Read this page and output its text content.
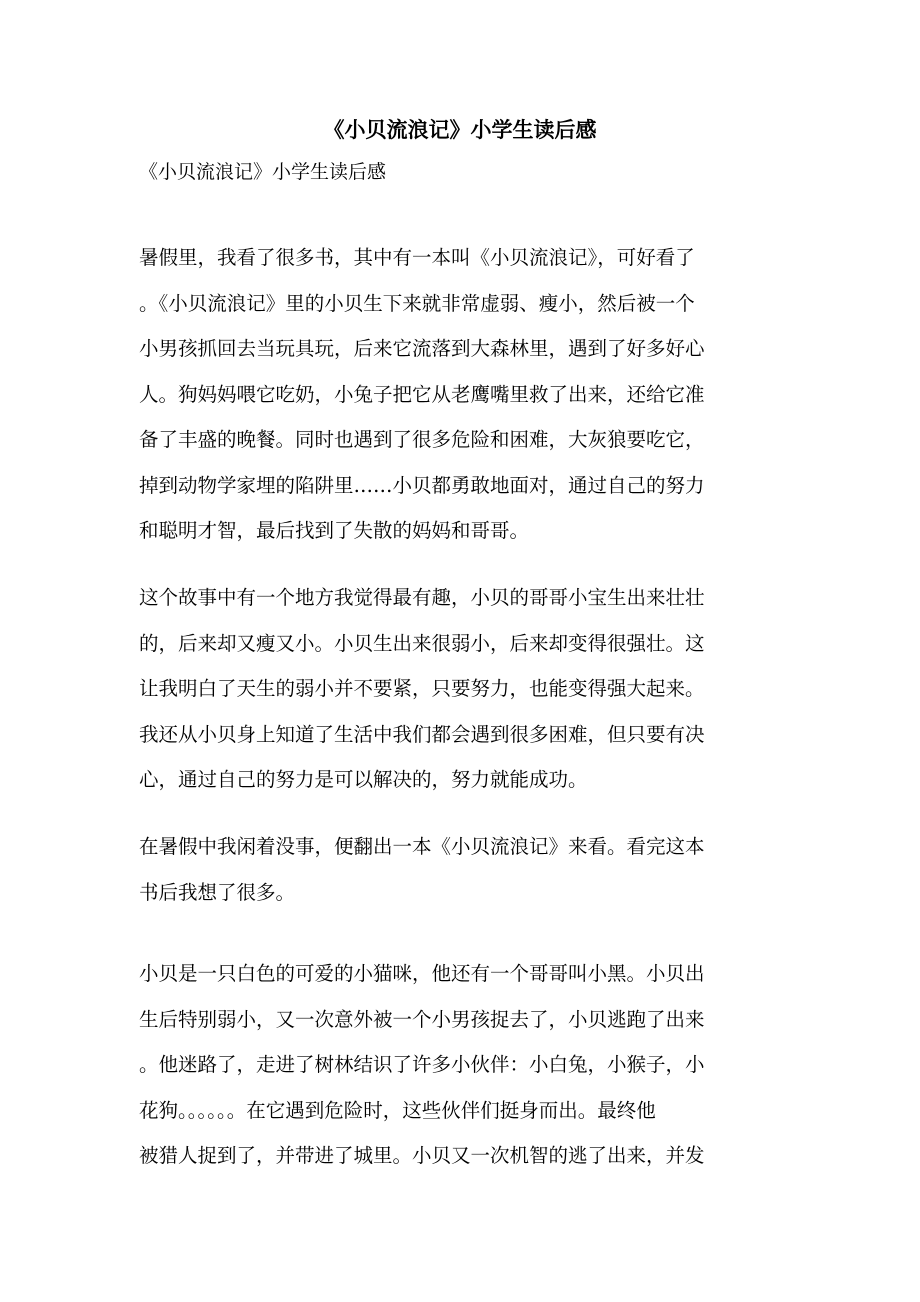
《小贝流浪记》小学生读后感

《小贝流浪记》小学生读后感

暑假里，我看了很多书，其中有一本叫《小贝流浪记》，可好看了
。《小贝流浪记》里的小贝生下来就非常虚弱、瘦小，然后被一个
小男孩抓回去当玩具玩，后来它流落到大森林里，遇到了好多好心
人。狗妈妈喂它吃奶，小兔子把它从老鹰嘴里救了出来，还给它准
备了丰盛的晚餐。同时也遇到了很多危险和困难，大灰狼要吃它，
掉到动物学家埋的陷阱里……小贝都勇敢地面对，通过自己的努力
和聪明才智，最后找到了失散的妈妈和哥哥。
这个故事中有一个地方我觉得最有趣，小贝的哥哥小宝生出来壮壮
的，后来却又瘦又小。小贝生出来很弱小，后来却变得很强壮。这
让我明白了天生的弱小并不要紧，只要努力，也能变得强大起来。
我还从小贝身上知道了生活中我们都会遇到很多困难，但只要有决
心，通过自己的努力是可以解决的，努力就能成功。
在暑假中我闲着没事，便翻出一本《小贝流浪记》来看。看完这本
书后我想了很多。
小贝是一只白色的可爱的小猫咪，他还有一个哥哥叫小黑。小贝出
生后特别弱小，又一次意外被一个小男孩捉去了，小贝逃跑了出来
。他迷路了，走进了树林结识了许多小伙伴：小白兔，小猴子，小
花狗。。。。。。在它遇到危险时，这些伙伴们挺身而出。最终他
被猎人捉到了，并带进了城里。小贝又一次机智的逃了出来，并发
